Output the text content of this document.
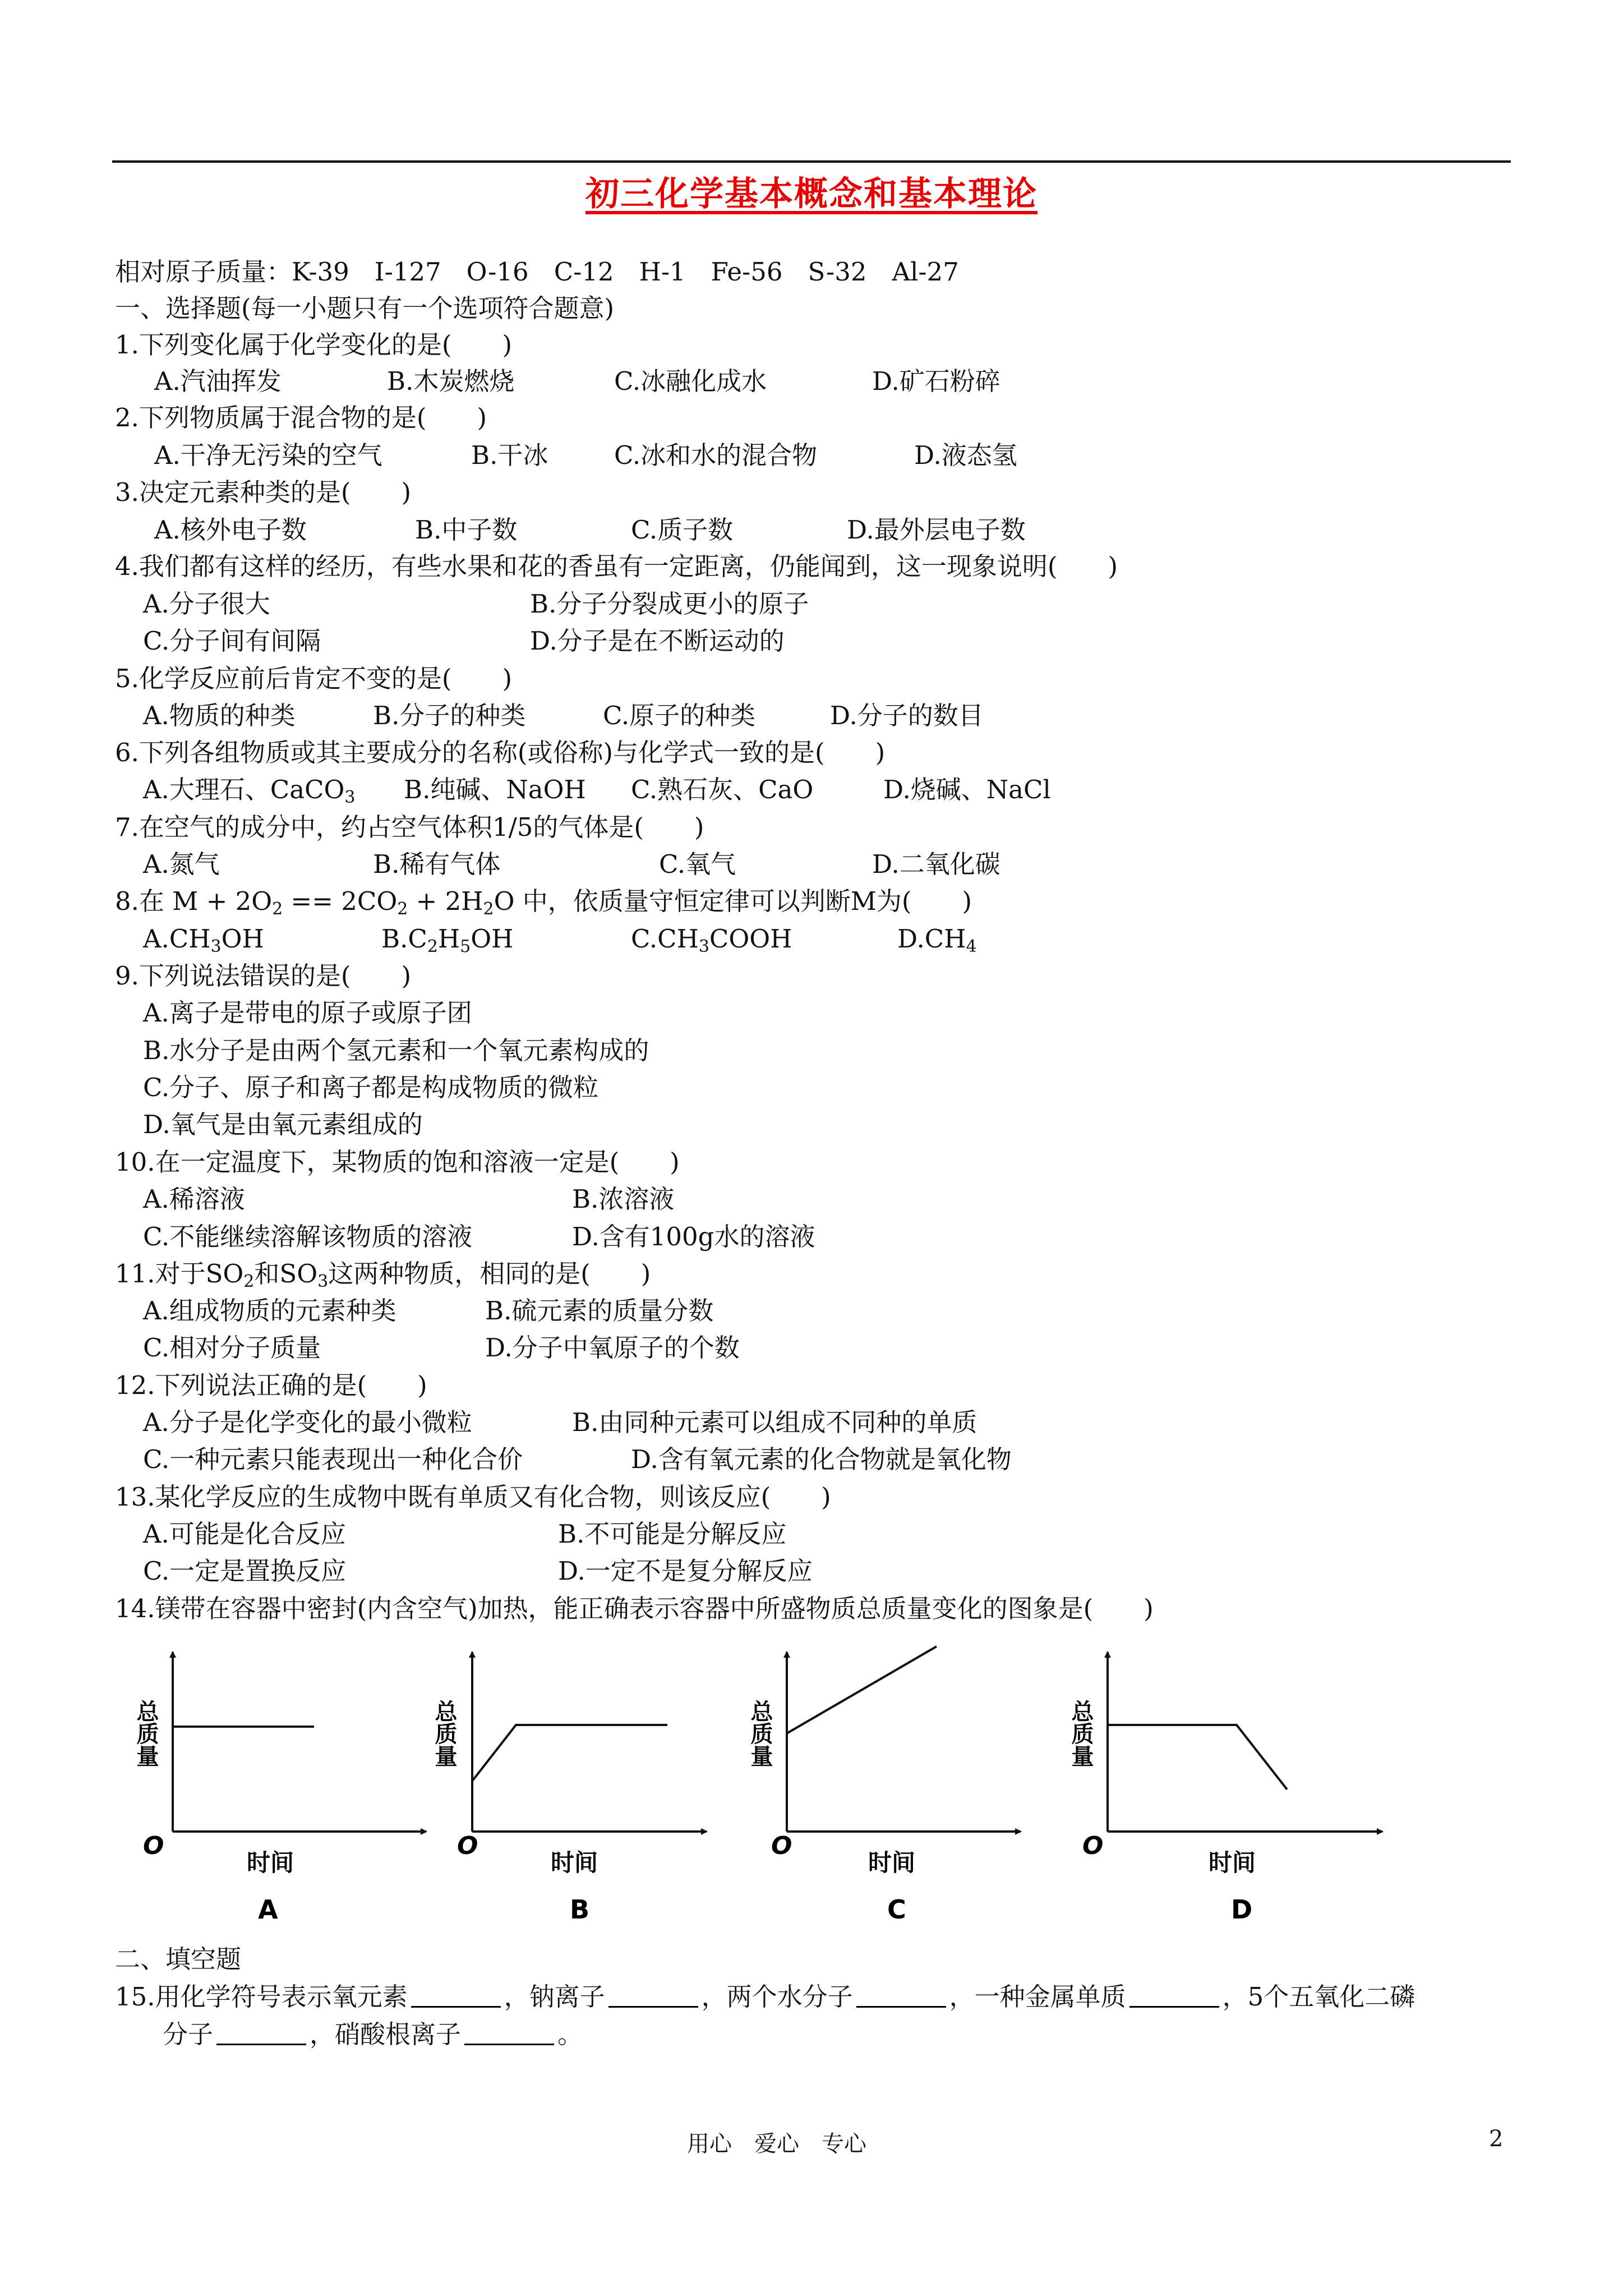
初三化学基本概念和基本理论
相对原子质量：K-39　I-127　O-16　C-12　H-1　Fe-56　S-32　Al-27
一、选择题(每一小题只有一个选项符合题意)
1.下列变化属于化学变化的是(　　)
A.汽油挥发	B.木炭燃烧	C.冰融化成水	D.矿石粉碎
2.下列物质属于混合物的是(　　)
A.干净无污染的空气	B.干冰	C.冰和水的混合物	D.液态氢
3.决定元素种类的是(　　)
A.核外电子数	B.中子数	C.质子数	D.最外层电子数
4.我们都有这样的经历，有些水果和花的香虽有一定距离，仍能闻到，这一现象说明(　　)
A.分子很大	B.分子分裂成更小的原子
C.分子间有间隔	D.分子是在不断运动的
5.化学反应前后肯定不变的是(　　)
A.物质的种类	B.分子的种类	C.原子的种类	D.分子的数目
6.下列各组物质或其主要成分的名称(或俗称)与化学式一致的是(　　)
A.大理石、CaCO$_3$ B.纯碱、NaOH C.熟石灰、CaO	D.烧碱、NaCl
7.在空气的成分中，约占空气体积1/5的气体是(　　)
A.氮气	B.稀有气体	C.氧气	D.二氧化碳
8.在 $M + 2O_2 == 2CO_2 + 2H_2O$ 中，依质量守恒定律可以判断M为(　　)
$A.CH_3OH$	$B.C_2H_5OH$	$C.CH_3COOH$	$D.CH_4$
9.下列说法错误的是(　　)
A.离子是带电的原子或原子团
B.水分子是由两个氢元素和一个氧元素构成的
C.分子、原子和离子都是构成物质的微粒
D.氧气是由氧元素组成的
10.在一定温度下，某物质的饱和溶液一定是(　　)
A.稀溶液	B.浓溶液
C.不能继续溶解该物质的溶液	D.含有100g水的溶液
11.对于$SO_2$和$SO_3$这两种物质，相同的是(　　)
A.组成物质的元素种类	B.硫元素的质量分数
C.相对分子质量	D.分子中氧原子的个数
12.下列说法正确的是(　　)
A.分子是化学变化的最小微粒	B.由同种元素可以组成不同种的单质
C.一种元素只能表现出一种化合价	D.含有氧元素的化合物就是氧化物
13.某化学反应的生成物中既有单质又有化合物，则该反应(　　)
A.可能是化合反应	B.不可能是分解反应
C.一定是置换反应	D.一定不是复分解反应
14.镁带在容器中密封(内含空气)加热，能正确表示容器中所盛物质总质量变化的图象是(　　)
总质量
O
时间
A
总质量
O
时间
B
总质量
O
时间
C
总质量
O
时间
D
二、填空题
15.用化学符号表示氧元素	，钠离子	，两个水分子	，一种金属单质	，5个五氧化二磷
分子	，硝酸根离子	。
用心　爱心　专心	2
